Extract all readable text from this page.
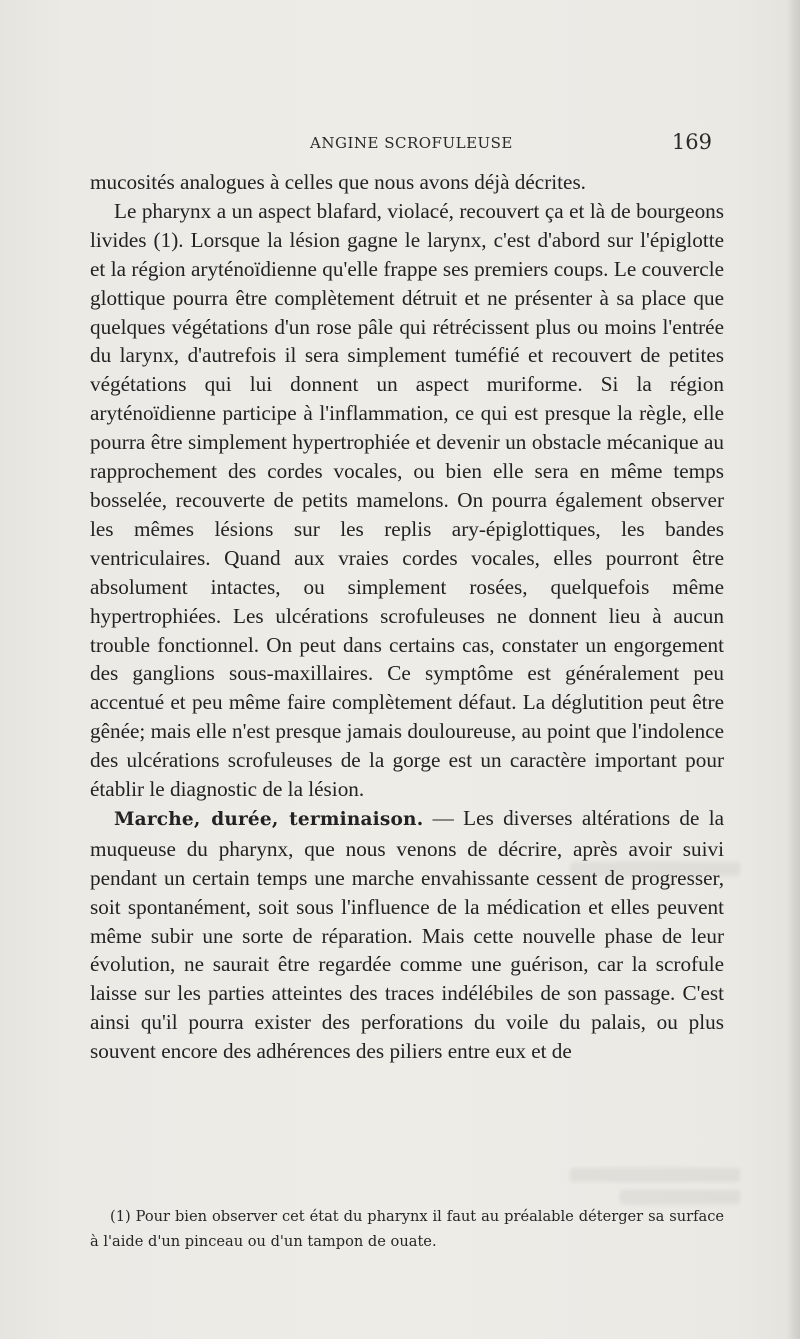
ANGINE SCROFULEUSE	169

mucosités analogues à celles que nous avons déjà décrites.

Le pharynx a un aspect blafard, violacé, recouvert ça et là de bourgeons livides (1). Lorsque la lésion gagne le larynx, c'est d'abord sur l'épiglotte et la région aryténoïdienne qu'elle frappe ses premiers coups. Le couvercle glottique pourra être complètement détruit et ne présenter à sa place que quelques végétations d'un rose pâle qui rétrécissent plus ou moins l'entrée du larynx, d'autrefois il sera simplement tuméfié et recouvert de petites végétations qui lui donnent un aspect muriforme. Si la région aryténoïdienne participe à l'inflammation, ce qui est presque la règle, elle pourra être simplement hypertrophiée et devenir un obstacle mécanique au rapprochement des cordes vocales, ou bien elle sera en même temps bosselée, recouverte de petits mamelons. On pourra également observer les mêmes lésions sur les replis ary-épiglottiques, les bandes ventriculaires. Quand aux vraies cordes vocales, elles pourront être absolument intactes, ou simplement rosées, quelquefois même hypertrophiées. Les ulcérations scrofuleuses ne donnent lieu à aucun trouble fonctionnel. On peut dans certains cas, constater un engorgement des ganglions sous-maxillaires. Ce symptôme est généralement peu accentué et peu même faire complètement défaut. La déglutition peut être gênée; mais elle n'est presque jamais douloureuse, au point que l'indolence des ulcérations scrofuleuses de la gorge est un caractère important pour établir le diagnostic de la lésion.

Marche, durée, terminaison. — Les diverses altérations de la muqueuse du pharynx, que nous venons de décrire, après avoir suivi pendant un certain temps une marche envahissante cessent de progresser, soit spontanément, soit sous l'influence de la médication et elles peuvent même subir une sorte de réparation. Mais cette nouvelle phase de leur évolution, ne saurait être regardée comme une guérison, car la scrofule laisse sur les parties atteintes des traces indélébiles de son passage. C'est ainsi qu'il pourra exister des perforations du voile du palais, ou plus souvent encore des adhérences des piliers entre eux et de

(1) Pour bien observer cet état du pharynx il faut au préalable déterger sa surface à l'aide d'un pinceau ou d'un tampon de ouate.
